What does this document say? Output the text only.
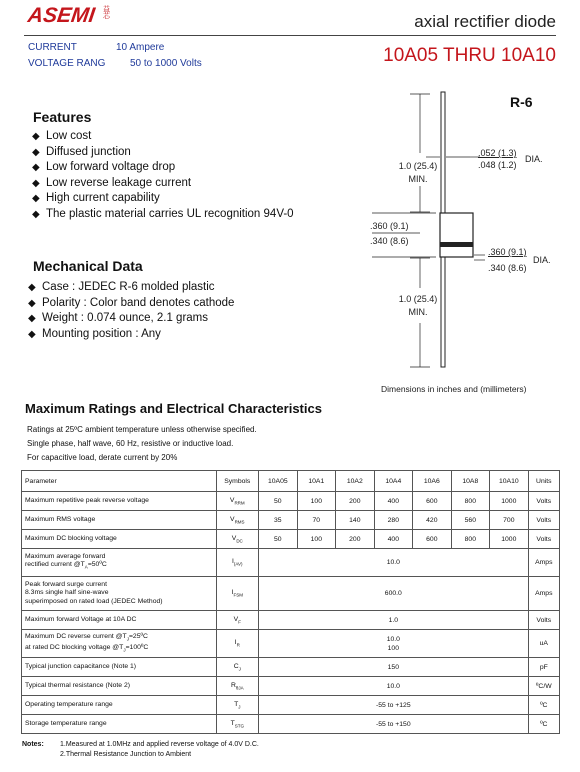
ASEMI 益芯	axial rectifier diode
CURRENT	10 Ampere
VOLTAGE RANG 50 to 1000 Volts	10A05 THRU 10A10
Features
◆ Low cost
◆ Diffused junction
◆ Low forward voltage drop
◆ Low reverse leakage current
◆ High current capability
◆ The plastic material carries UL recognition 94V-0
Mechanical Data
◆ Case : JEDEC R-6 molded plastic
◆ Polarity : Color band denotes cathode
◆ Weight : 0.074 ounce, 2.1 grams
◆ Mounting position : Any
R-6
.052 (1.3)
.048 (1.2)
DIA.
1.0 (25.4)
MIN.
.360 (9.1)
.340 (8.6)
.360 (9.1)
.340 (8.6)
DIA.
1.0 (25.4)
MIN.
Dimensions in inches and (millimeters)
Maximum Ratings and Electrical Characteristics
Ratings at 25ºC ambient temperature unless otherwise specified.
Single phase, half wave, 60 Hz, resistive or inductive load.
For capacitive load, derate current by 20%
Parameter	Symbols	10A05	10A1	10A2	10A4	10A6	10A8	10A10	Units
Maximum repetitive peak reverse voltage	$V_{RRM}$	50	100	200	400	600	800	1000	Volts
Maximum RMS voltage	$V_{RMS}$	35	70	140	280	420	560	700	Volts
Maximum DC blocking voltage	$V_{DC}$	50	100	200	400	600	800	1000	Volts
Maximum average forward
rectified current $@T_A=50ºC$	$I_{(AV)}$	10.0							Amps
Peak forward surge current
8.3ms single half sine-wave
superimposed on rated load (JEDEC Method)	$I_{FSM}$	600.0							Amps
Maximum forward Voltage at 10A DC	$V_F$	1.0							Volts
Maximum DC reverse current $@T_J=25ºC$
at rated DC blocking voltage $@T_J=100ºC$	$I_R$	10.0
100							uA
Typical junction capacitance (Note 1)	$C_J$	150							pF
Typical thermal resistance (Note 2)	$R_{\theta JA}$	10.0							ºC/W
Operating temperature range	$T_J$	-55 to +125							ºC
Storage temperature range	$T_{STG}$	-55 to +150							ºC
Notes: 1.Measured at 1.0MHz and applied reverse voltage of 4.0V D.C.
2.Thermal Resistance Junction to Ambient
